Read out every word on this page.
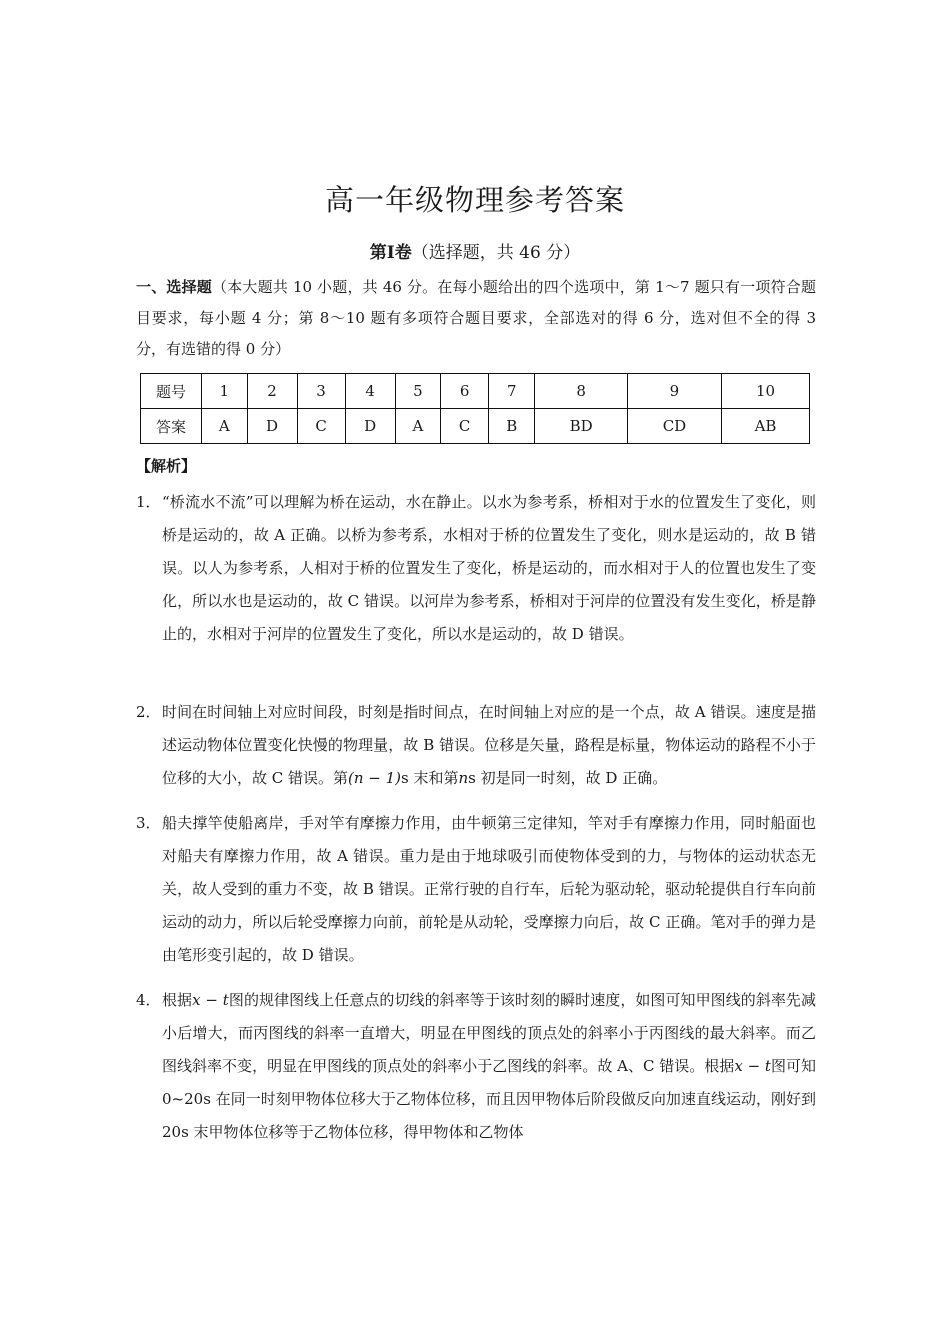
高一年级物理参考答案
第Ⅰ卷（选择题，共 46 分）
一、选择题（本大题共 10 小题，共 46 分。在每小题给出的四个选项中，第 1～7 题只有一项符合题目要求，每小题 4 分；第 8～10 题有多项符合题目要求，全部选对的得 6 分，选对但不全的得 3 分，有选错的得 0 分）
题号	1	2	3	4	5	6	7	8	9	10
答案	A	D	C	D	A	C	B	BD	CD	AB
【解析】
1． “桥流水不流”可以理解为桥在运动，水在静止。以水为参考系，桥相对于水的位置发生了变化，则桥是运动的，故 A 正确。以桥为参考系，水相对于桥的位置发生了变化，则水是运动的，故 B 错误。以人为参考系，人相对于桥的位置发生了变化，桥是运动的，而水相对于人的位置也发生了变化，所以水也是运动的，故 C 错误。以河岸为参考系，桥相对于河岸的位置没有发生变化，桥是静止的，水相对于河岸的位置发生了变化，所以水是运动的，故 D 错误。
2． 时间在时间轴上对应时间段，时刻是指时间点，在时间轴上对应的是一个点，故 A 错误。速度是描述运动物体位置变化快慢的物理量，故 B 错误。位移是矢量，路程是标量，物体运动的路程不小于位移的大小，故 C 错误。第(n − 1)s 末和第ns 初是同一时刻，故 D 正确。
3． 船夫撑竿使船离岸，手对竿有摩擦力作用，由牛顿第三定律知，竿对手有摩擦力作用，同时船面也对船夫有摩擦力作用，故 A 错误。重力是由于地球吸引而使物体受到的力，与物体的运动状态无关，故人受到的重力不变，故 B 错误。正常行驶的自行车，后轮为驱动轮，驱动轮提供自行车向前运动的动力，所以后轮受摩擦力向前，前轮是从动轮，受摩擦力向后，故 C 正确。笔对手的弹力是由笔形变引起的，故 D 错误。
4． 根据x − t图的规律图线上任意点的切线的斜率等于该时刻的瞬时速度，如图可知甲图线的斜率先减小后增大，而丙图线的斜率一直增大，明显在甲图线的顶点处的斜率小于丙图线的最大斜率。而乙图线斜率不变，明显在甲图线的顶点处的斜率小于乙图线的斜率。故 A、C 错误。根据x − t图可知 0~20s 在同一时刻甲物体位移大于乙物体位移，而且因甲物体后阶段做反向加速直线运动，刚好到 20s 末甲物体位移等于乙物体位移，得甲物体和乙物体
